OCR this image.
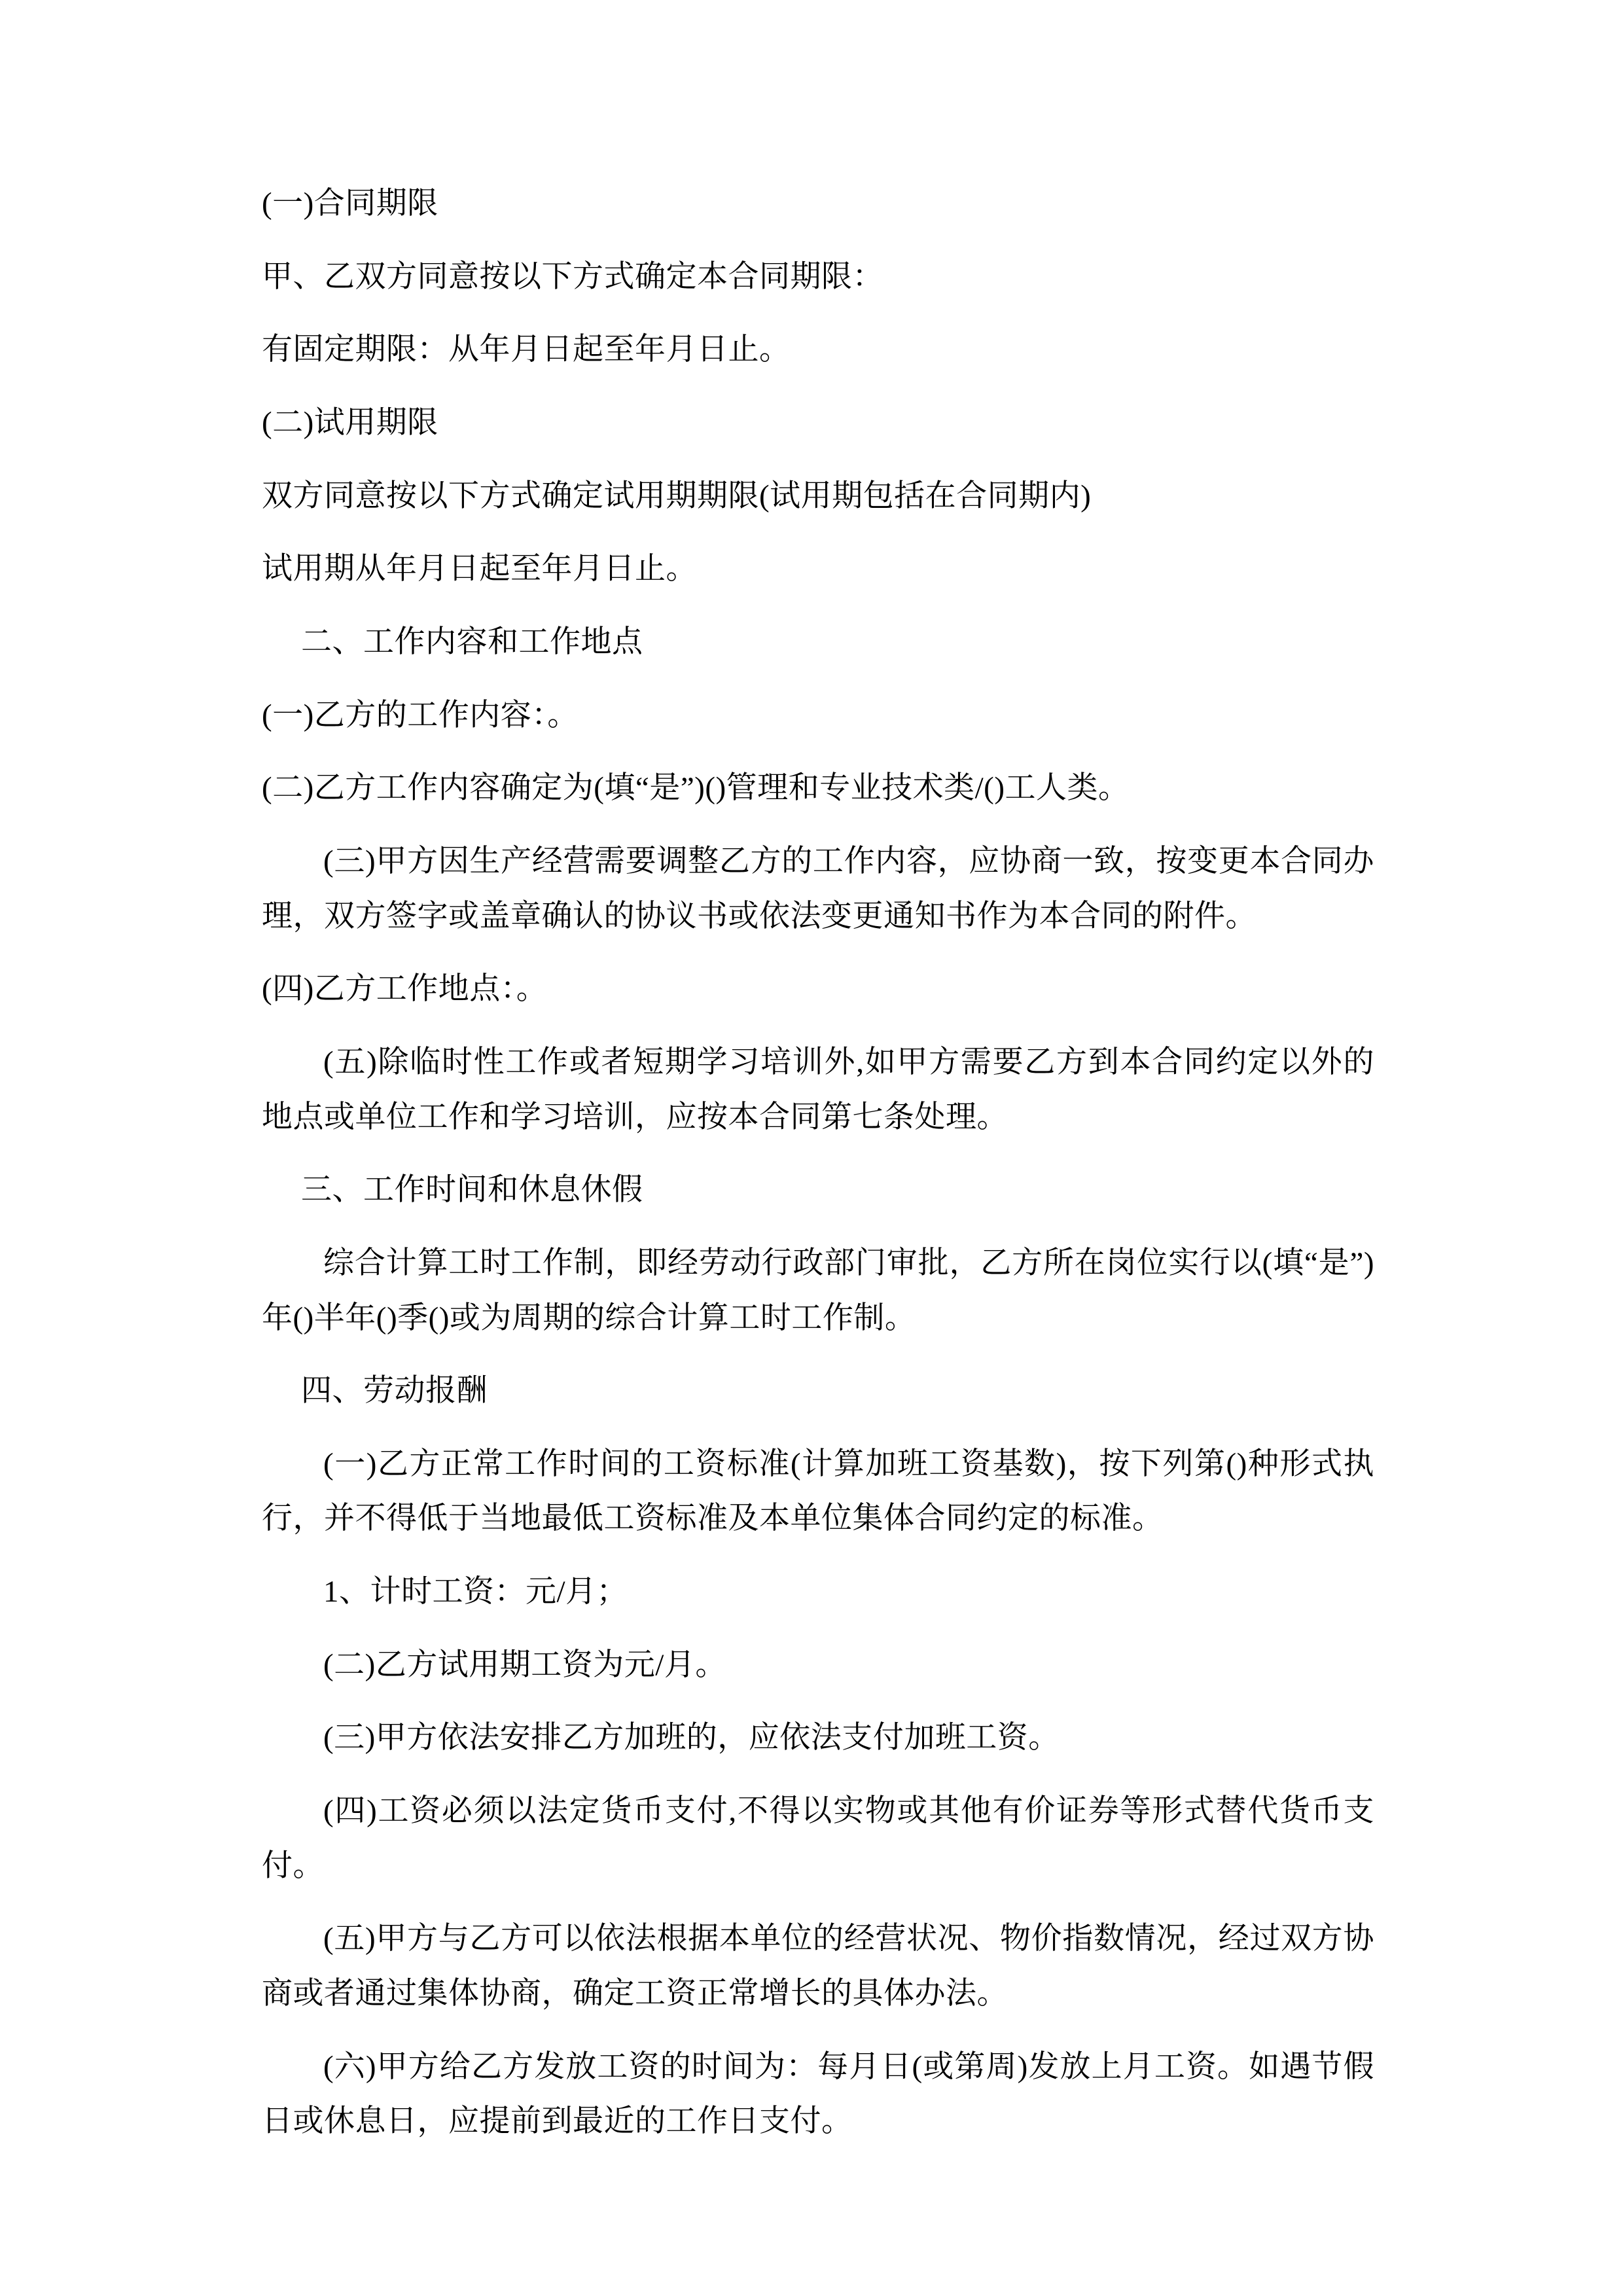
(一)合同期限

甲、乙双方同意按以下方式确定本合同期限：

有固定期限：从年月日起至年月日止。

(二)试用期限

双方同意按以下方式确定试用期期限(试用期包括在合同期内)

试用期从年月日起至年月日止。

二、工作内容和工作地点

(一)乙方的工作内容：。

(二)乙方工作内容确定为(填“是”)()管理和专业技术类/()工人类。

(三)甲方因生产经营需要调整乙方的工作内容，应协商一致，按变更本合同办理，双方签字或盖章确认的协议书或依法变更通知书作为本合同的附件。

(四)乙方工作地点：。

(五)除临时性工作或者短期学习培训外,如甲方需要乙方到本合同约定以外的地点或单位工作和学习培训，应按本合同第七条处理。

三、工作时间和休息休假

综合计算工时工作制，即经劳动行政部门审批，乙方所在岗位实行以(填“是”)年()半年()季()或为周期的综合计算工时工作制。

四、劳动报酬

(一)乙方正常工作时间的工资标准(计算加班工资基数)，按下列第()种形式执行，并不得低于当地最低工资标准及本单位集体合同约定的标准。

1、计时工资：元/月；

(二)乙方试用期工资为元/月。

(三)甲方依法安排乙方加班的，应依法支付加班工资。

(四)工资必须以法定货币支付,不得以实物或其他有价证券等形式替代货币支付。

(五)甲方与乙方可以依法根据本单位的经营状况、物价指数情况，经过双方协商或者通过集体协商，确定工资正常增长的具体办法。

(六)甲方给乙方发放工资的时间为：每月日(或第周)发放上月工资。如遇节假日或休息日，应提前到最近的工作日支付。
